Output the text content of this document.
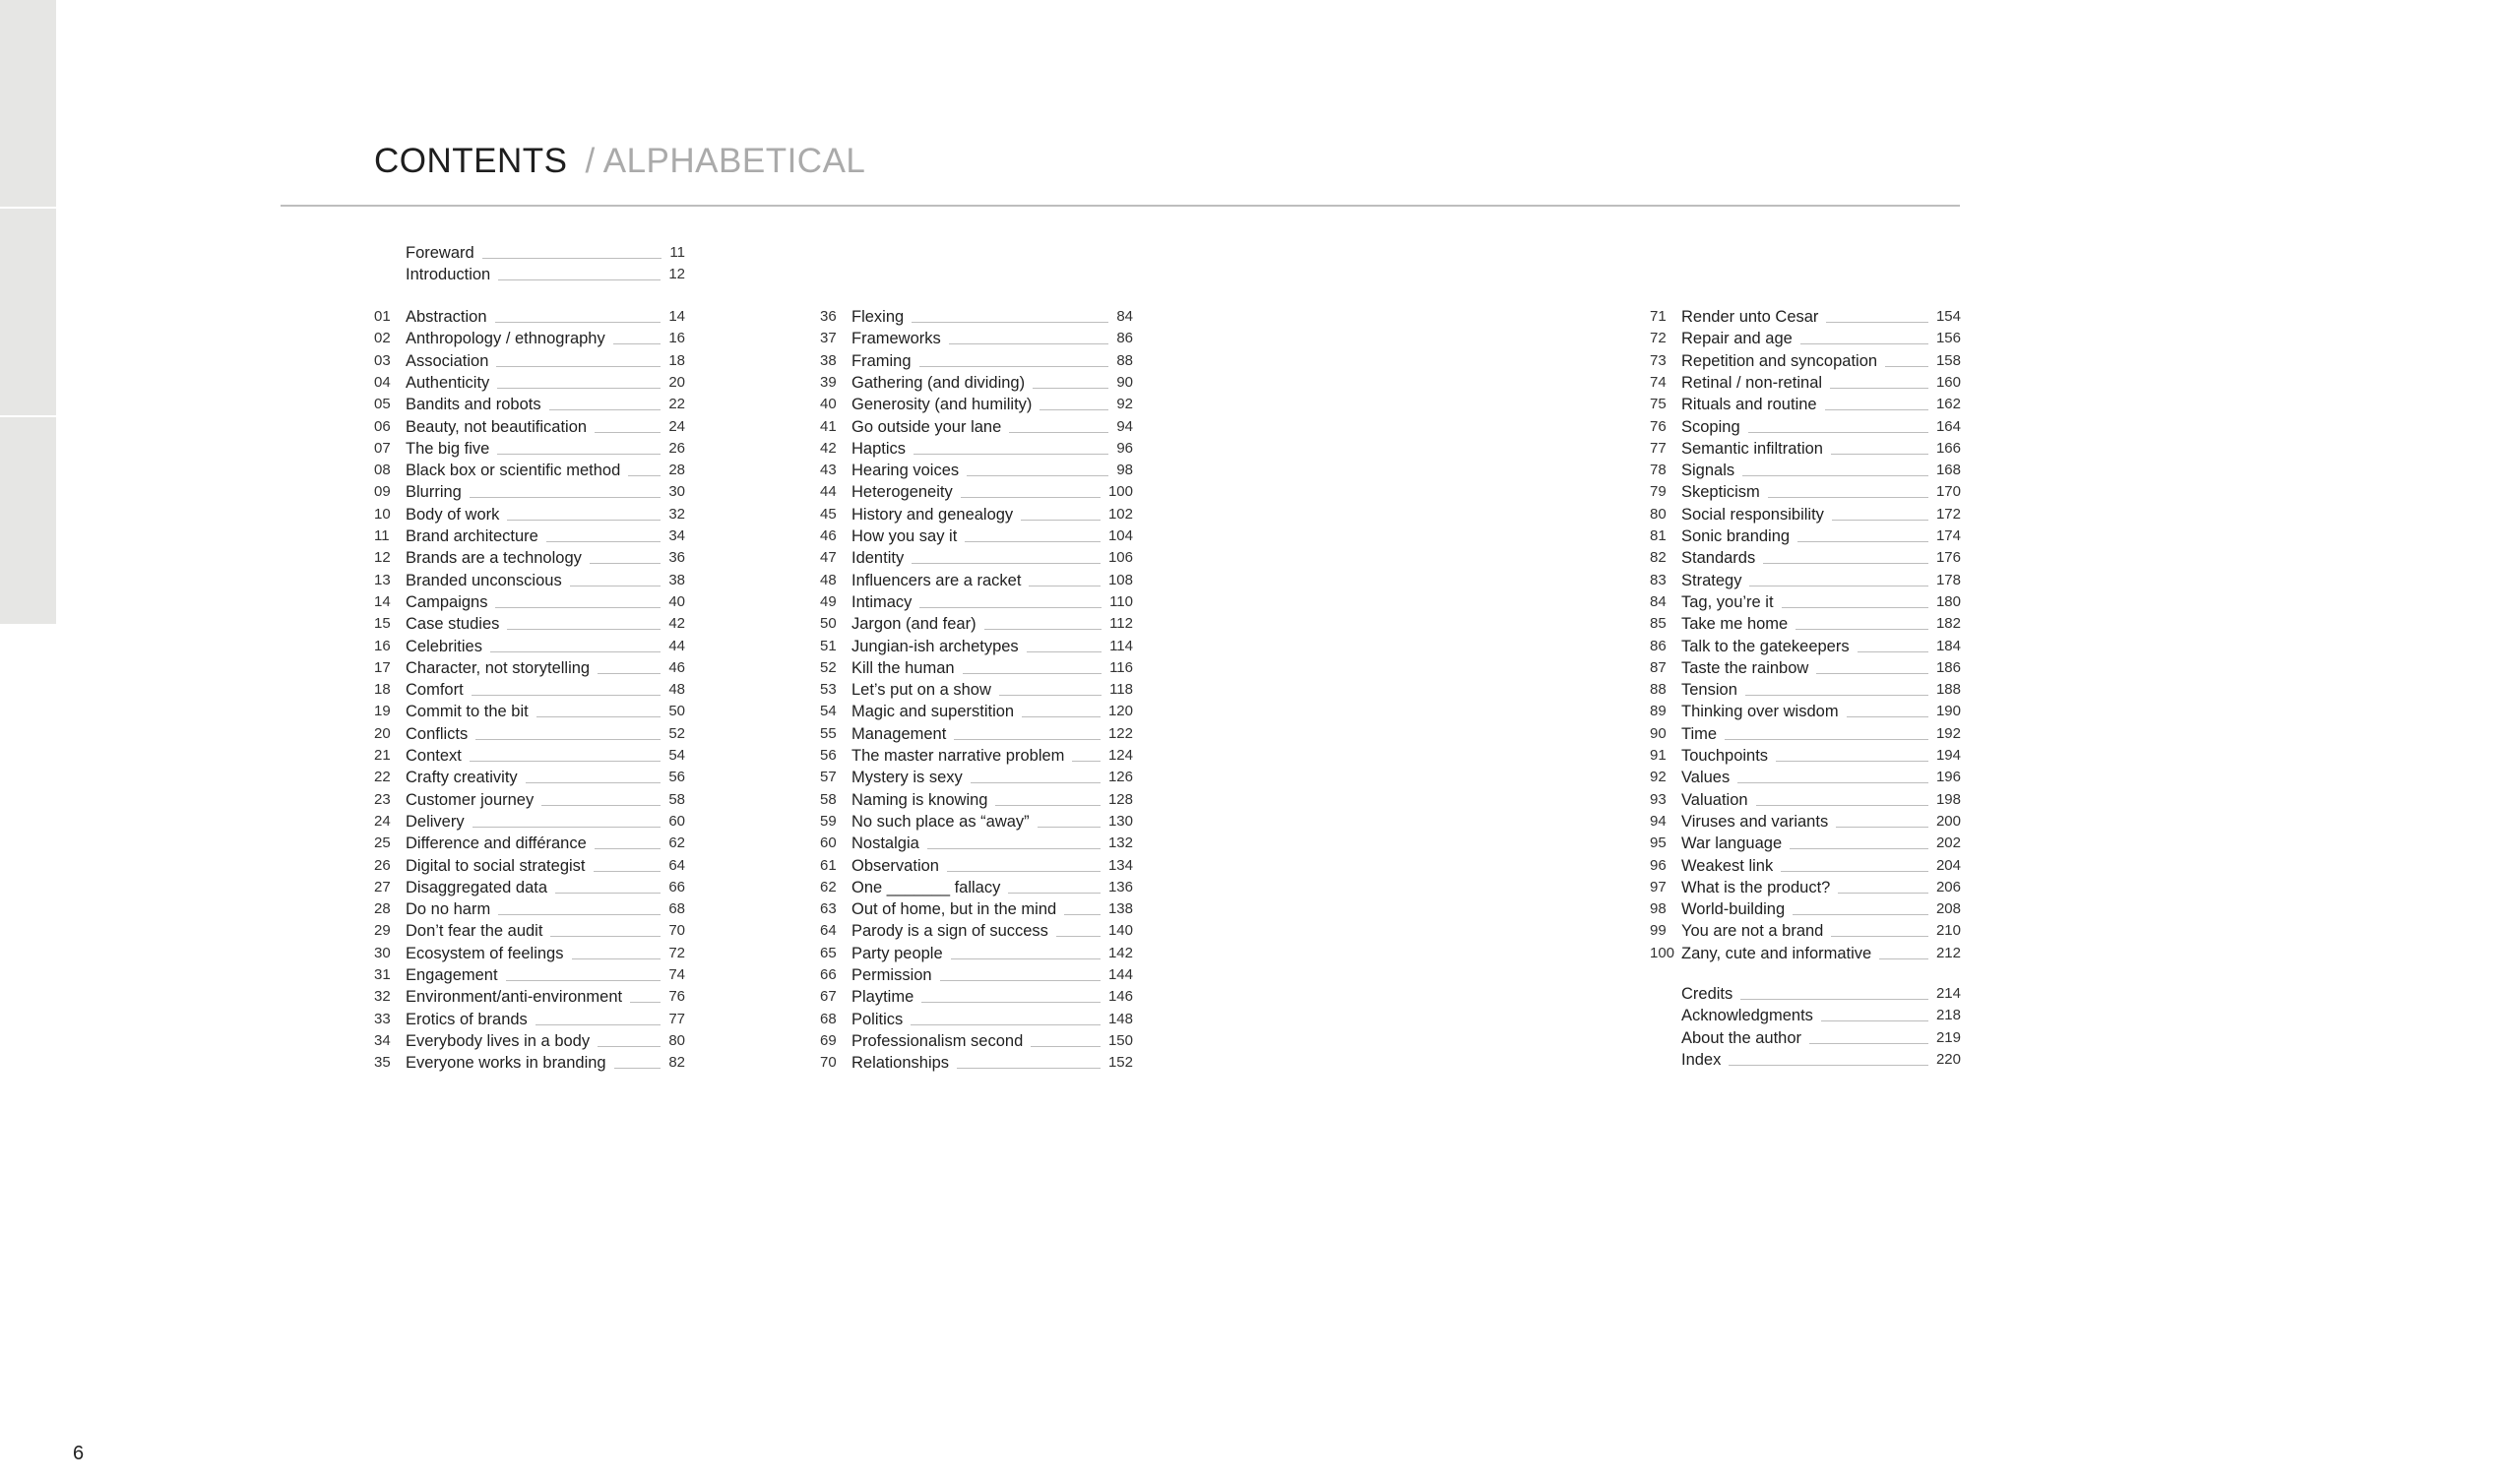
CONTENTS / ALPHABETICAL
Foreward	11
Introduction	12
01 Abstraction	14
02 Anthropology / ethnography	16
03 Association	18
04 Authenticity	20
05 Bandits and robots	22
06 Beauty, not beautification	24
07 The big five	26
08 Black box or scientific method	28
09 Blurring	30
10 Body of work	32
11 Brand architecture	34
12 Brands are a technology	36
13 Branded unconscious	38
14 Campaigns	40
15 Case studies	42
16 Celebrities	44
17 Character, not storytelling	46
18 Comfort	48
19 Commit to the bit	50
20 Conflicts	52
21 Context	54
22 Crafty creativity	56
23 Customer journey	58
24 Delivery	60
25 Difference and différance	62
26 Digital to social strategist	64
27 Disaggregated data	66
28 Do no harm	68
29 Don’t fear the audit	70
30 Ecosystem of feelings	72
31 Engagement	74
32 Environment/anti-environment	76
33 Erotics of brands	77
34 Everybody lives in a body	80
35 Everyone works in branding	82
36 Flexing	84
37 Frameworks	86
38 Framing	88
39 Gathering (and dividing)	90
40 Generosity (and humility)	92
41 Go outside your lane	94
42 Haptics	96
43 Hearing voices	98
44 Heterogeneity	100
45 History and genealogy	102
46 How you say it	104
47 Identity	106
48 Influencers are a racket	108
49 Intimacy	110
50 Jargon (and fear)	112
51 Jungian-ish archetypes	114
52 Kill the human	116
53 Let’s put on a show	118
54 Magic and superstition	120
55 Management	122
56 The master narrative problem	124
57 Mystery is sexy	126
58 Naming is knowing	128
59 No such place as “away”	130
60 Nostalgia	132
61 Observation	134
62 One _______ fallacy	136
63 Out of home, but in the mind	138
64 Parody is a sign of success	140
65 Party people	142
66 Permission	144
67 Playtime	146
68 Politics	148
69 Professionalism second	150
70 Relationships	152
71 Render unto Cesar	154
72 Repair and age	156
73 Repetition and syncopation	158
74 Retinal / non-retinal	160
75 Rituals and routine	162
76 Scoping	164
77 Semantic infiltration	166
78 Signals	168
79 Skepticism	170
80 Social responsibility	172
81 Sonic branding	174
82 Standards	176
83 Strategy	178
84 Tag, you’re it	180
85 Take me home	182
86 Talk to the gatekeepers	184
87 Taste the rainbow	186
88 Tension	188
89 Thinking over wisdom	190
90 Time	192
91 Touchpoints	194
92 Values	196
93 Valuation	198
94 Viruses and variants	200
95 War language	202
96 Weakest link	204
97 What is the product?	206
98 World-building	208
99 You are not a brand	210
100 Zany, cute and informative	212
Credits	214
Acknowledgments	218
About the author	219
Index	220
6
